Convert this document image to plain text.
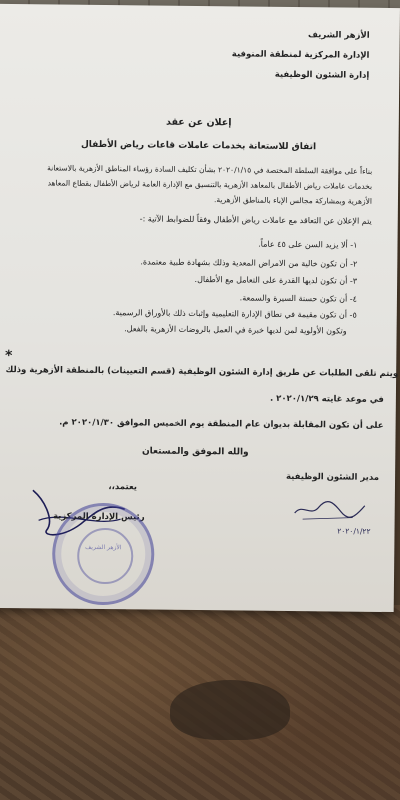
الأزهر الشريف
الإدارة المركزية لمنطقة المنوفية
إدارة الشئون الوظيفية
إعلان عن عقد
اتفاق للاستعانة بخدمات عاملات قاعات رياض الأطفال
بناءاً على موافقة السلطة المختصة في ٢٠٢٠/١/١٥ بشأن تكليف السادة رؤساء المناطق الأزهرية بالاستعانة
بخدمات عاملات رياض الأطفال بالمعاهد الأزهرية بالتنسيق مع الإدارة العامة لرياض الأطفال بقطاع المعاهد
الأزهرية وبمشاركة مجالس الإباء بالمناطق الأزهرية.
يتم الإعلان عن التعاقد مع عاملات رياض الأطفال وفقاً للضوابط الآتية :-
١- ألا يزيد السن على ٤٥ عاماً.
٢- أن تكون خالية من الامراض المعدية وذلك بشهادة طبية معتمدة.
٣- أن تكون لديها القدرة على التعامل مع الأطفال.
٤- أن تكون حسنة السيرة والسمعة.
٥- أن تكون مقيمة في نطاق الإدارة التعليمية وإثبات ذلك بالأوراق الرسمية.
وتكون الأولوية لمن لديها خبرة في العمل بالروضات الأزهرية بالفعل.
*
ويتم تلقى الطلبات عن طريق إدارة الشئون الوظيفية (قسم التعيينات) بالمنطقة الأزهرية وذلك
في موعد غايته ٢٠٢٠/١/٢٩ .
على أن تكون المقابلة بديوان عام المنطقة يوم الخميس الموافق ٢٠٢٠/١/٣٠ م.
والله الموفق والمستعان
مدير الشئون الوظيفية
٢٠٢٠/١/٢٢
يعتمد،،
رئيس الإدارة المركزية
الأزهر الشريف
